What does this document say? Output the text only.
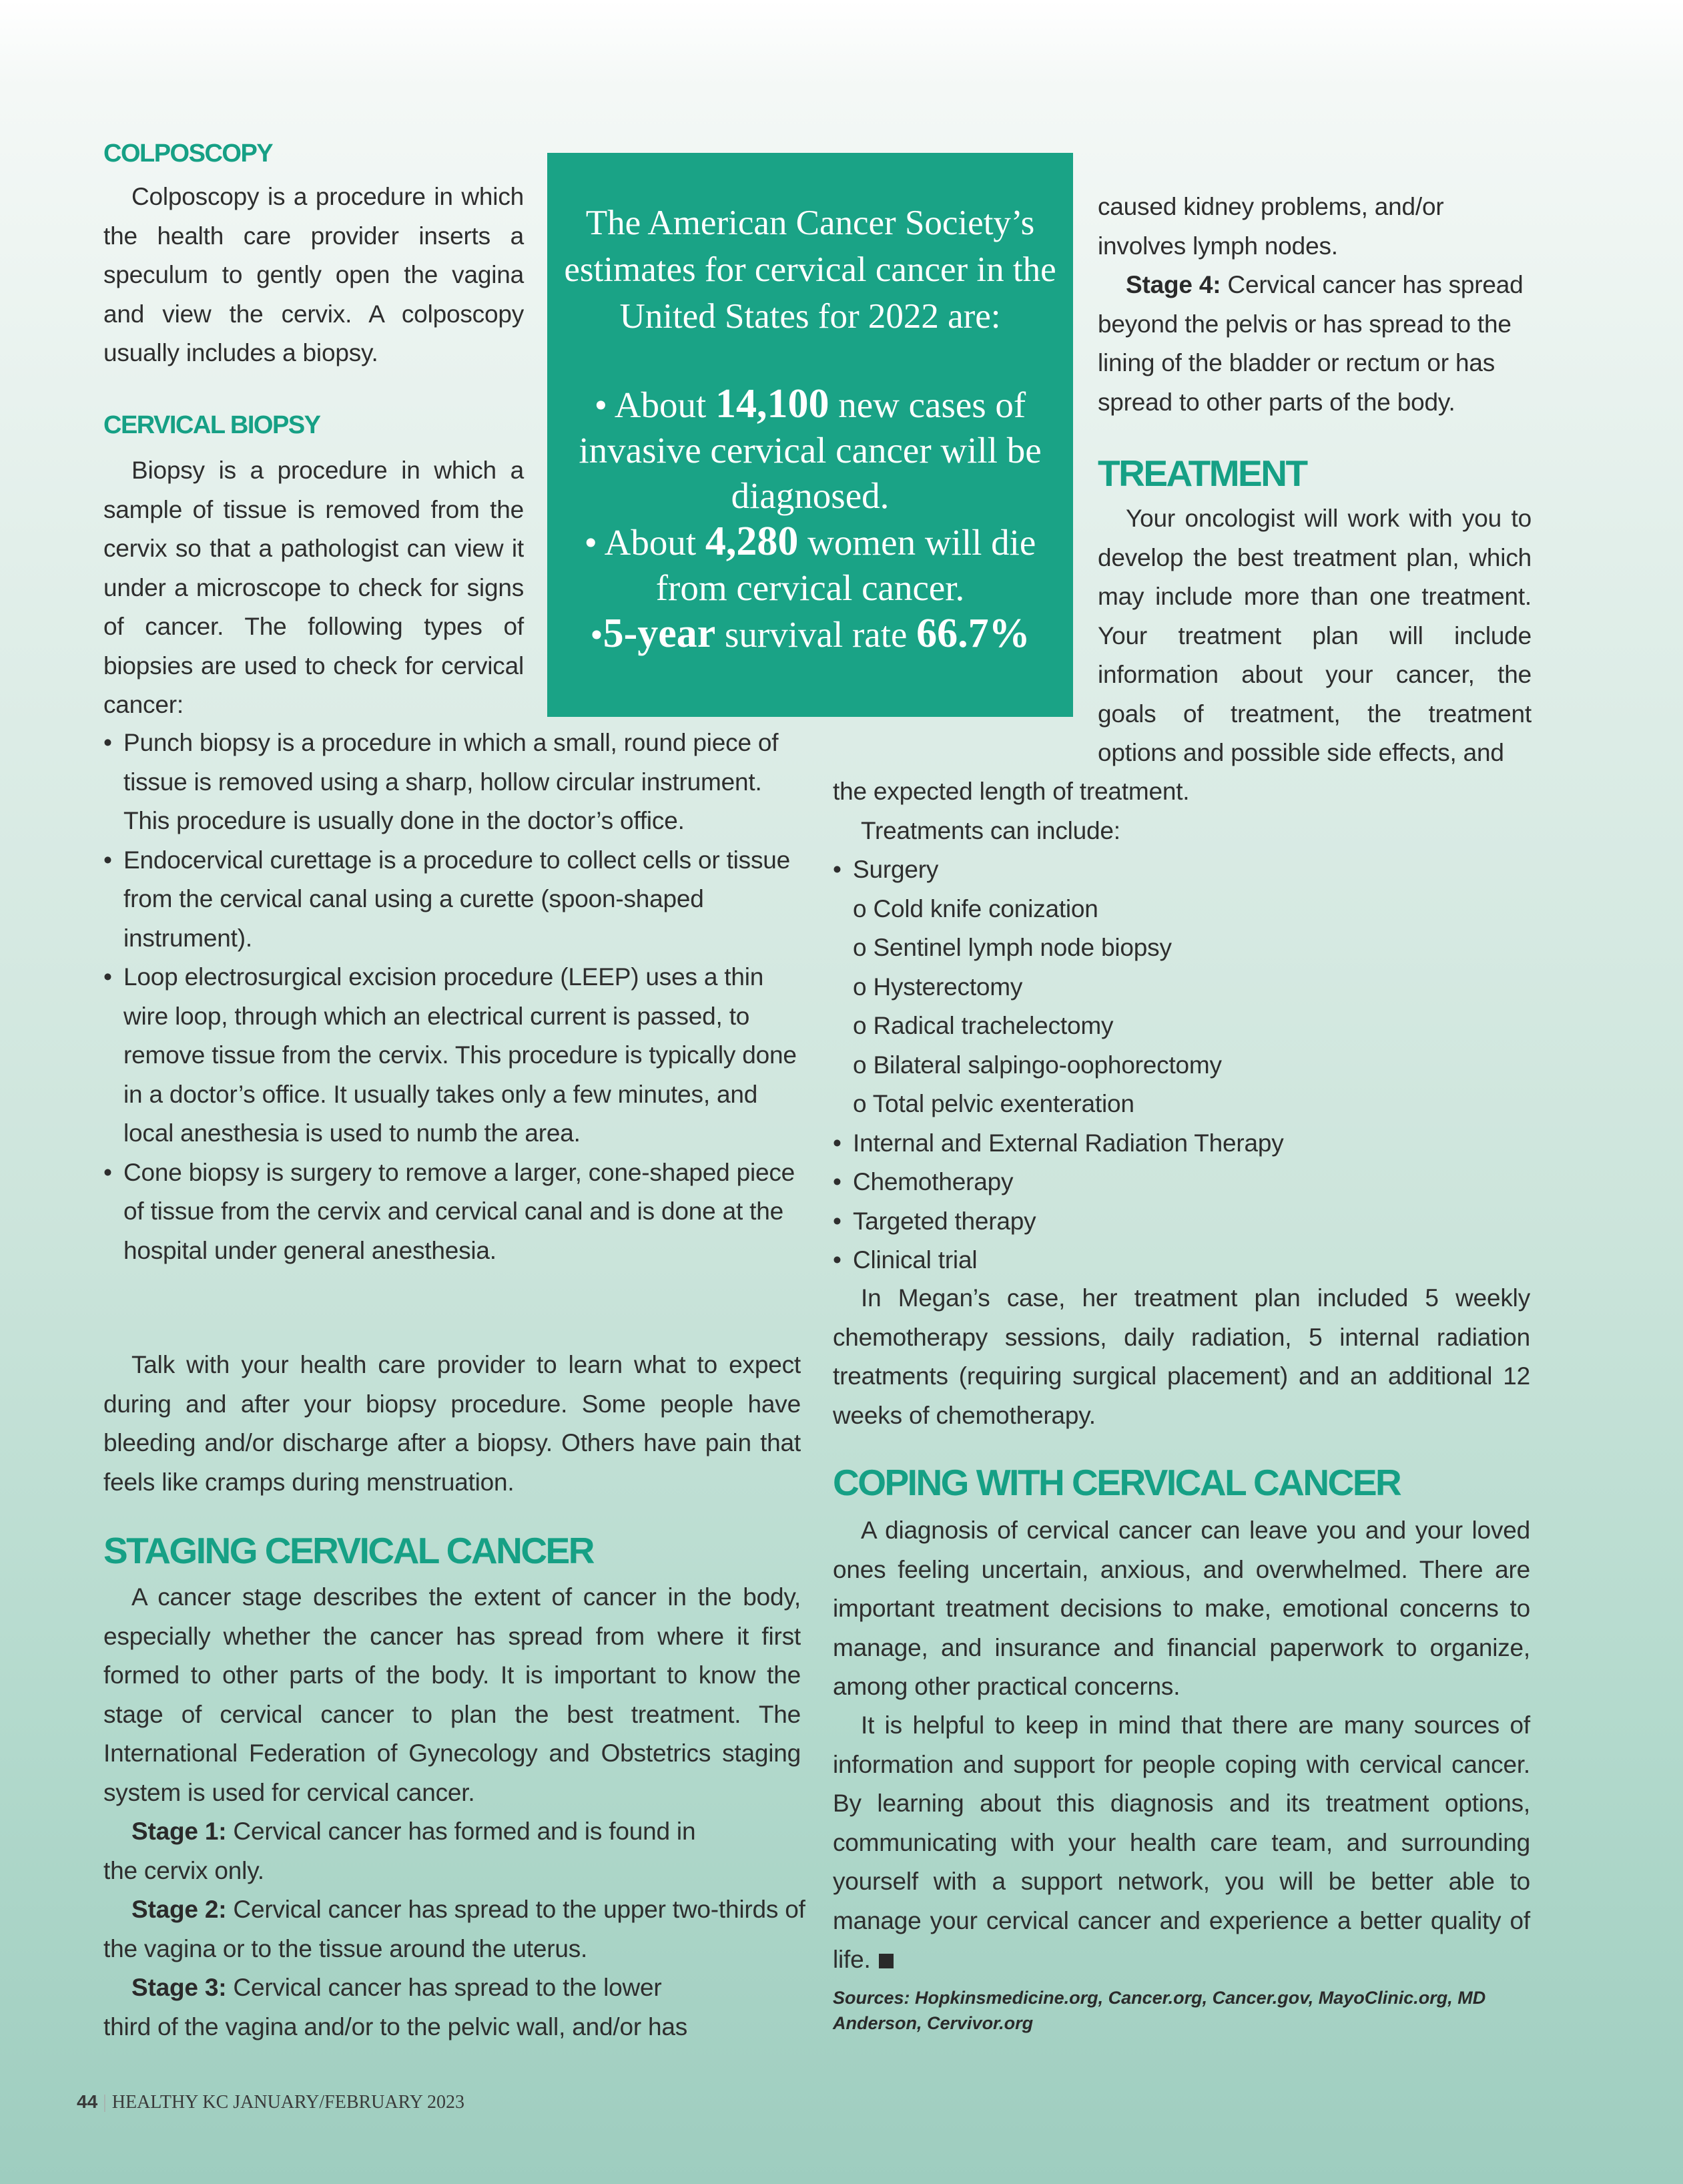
COLPOSCOPY

Colposcopy is a procedure in which the health care provider inserts a speculum to gently open the vagina and view the cervix. A colposcopy usually includes a biopsy.

CERVICAL BIOPSY

Biopsy is a procedure in which a sample of tissue is removed from the cervix so that a pathologist can view it under a microscope to check for signs of cancer. The following types of biopsies are used to check for cervical cancer:

The American Cancer Society’s estimates for cervical cancer in the United States for 2022 are:

• About 14,100 new cases of invasive cervical cancer will be diagnosed.

• About 4,280 women will die from cervical cancer.

•5-year survival rate 66.7%

• Punch biopsy is a procedure in which a small, round piece of tissue is removed using a sharp, hollow circular instrument. This procedure is usually done in the doctor’s office.
• Endocervical curettage is a procedure to collect cells or tissue from the cervical canal using a curette (spoon-shaped instrument).
• Loop electrosurgical excision procedure (LEEP) uses a thin wire loop, through which an electrical current is passed, to remove tissue from the cervix. This procedure is typically done in a doctor’s office. It usually takes only a few minutes, and local anesthesia is used to numb the area.
• Cone biopsy is surgery to remove a larger, cone-shaped piece of tissue from the cervix and cervical canal and is done at the hospital under general anesthesia.

Talk with your health care provider to learn what to expect during and after your biopsy procedure. Some people have bleeding and/or discharge after a biopsy. Others have pain that feels like cramps during menstruation.

STAGING CERVICAL CANCER

A cancer stage describes the extent of cancer in the body, especially whether the cancer has spread from where it first formed to other parts of the body. It is important to know the stage of cervical cancer to plan the best treatment. The International Federation of Gynecology and Obstetrics staging system is used for cervical cancer.

Stage 1: Cervical cancer has formed and is found in
the cervix only.
Stage 2: Cervical cancer has spread to the upper two-thirds of
the vagina or to the tissue around the uterus.
Stage 3: Cervical cancer has spread to the lower
third of the vagina and/or to the pelvic wall, and/or has
caused kidney problems, and/or
involves lymph nodes.

Stage 4: Cervical cancer has spread beyond the pelvis or has spread to the lining of the bladder or rectum or has spread to other parts of the body.

TREATMENT

Your oncologist will work with you to develop the best treatment plan, which may include more than one treatment. Your treatment plan will include information about your cancer, the goals of treatment, the treatment options and possible side effects, and

the expected length of treatment.
Treatments can include:
• Surgery
o Cold knife conization
o Sentinel lymph node biopsy
o Hysterectomy
o Radical trachelectomy
o Bilateral salpingo-oophorectomy
o Total pelvic exenteration
• Internal and External Radiation Therapy
• Chemotherapy
• Targeted therapy
• Clinical trial

In Megan’s case, her treatment plan included 5 weekly chemotherapy sessions, daily radiation, 5 internal radiation treatments (requiring surgical placement) and an additional 12 weeks of chemotherapy.

COPING WITH CERVICAL CANCER

A diagnosis of cervical cancer can leave you and your loved ones feeling uncertain, anxious, and overwhelmed. There are important treatment decisions to make, emotional concerns to manage, and insurance and financial paperwork to organize, among other practical concerns.

It is helpful to keep in mind that there are many sources of information and support for people coping with cervical cancer. By learning about this diagnosis and its treatment options, communicating with your health care team, and surrounding yourself with a support network, you will be better able to manage your cervical cancer and experience a better quality of life.

Sources: Hopkinsmedicine.org, Cancer.org, Cancer.gov, MayoClinic.org, MD Anderson, Cervivor.org
44 | HEALTHY KC JANUARY/FEBRUARY 2023
